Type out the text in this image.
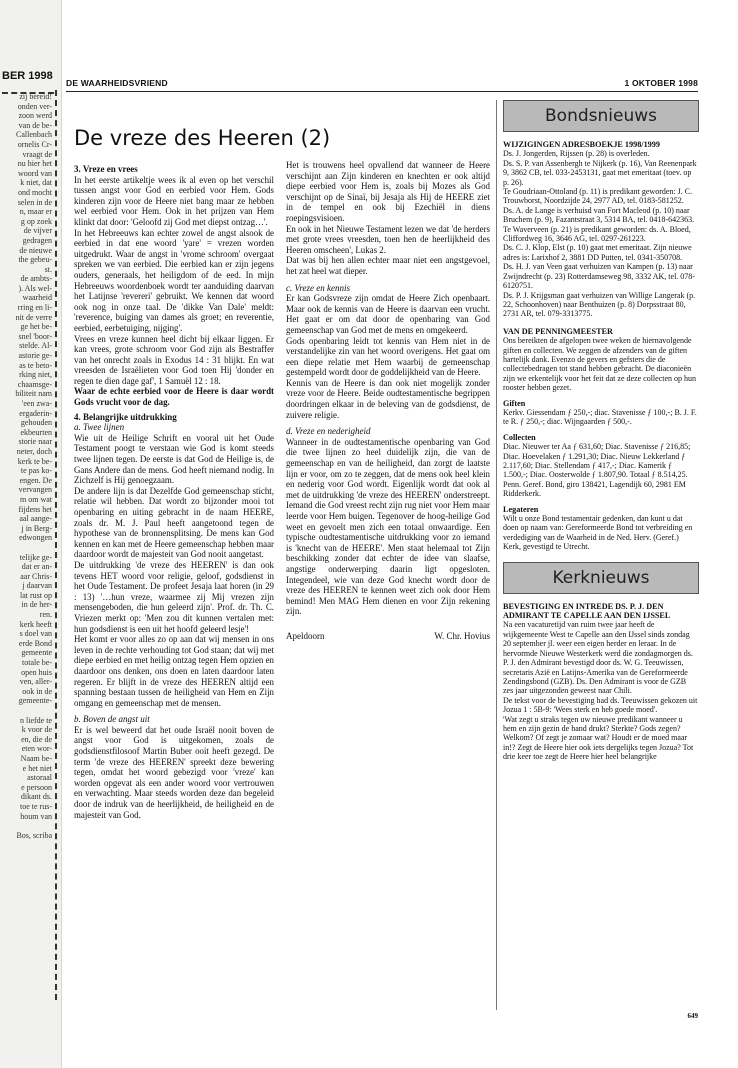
BER 1998
zij bereid!
onden ver-
zoon werd
van de be-
Callenbach
ornelis Cr-
vraagt de
nu hier het
woord van
k niet, dat
ond mocht
selen in de
n, maar er
g op zoek
de vijver
gedragen
de nieuwe
the gebeu-
st.
de ambts-
). Als wel-
waarheid
rring en li-
nit de verre
ge het be-
snel 'boor-
stelde. Al-
astorie ge-
as te beto-
rking niet,
chaamsge-
biliteit nam
'een zwa-
ergaderin-
gehouden
ekbeurten
storie naar
neter, doch
kerk te be-
te pas ko-
engen. De
vervangen
m om wat
fijdens het
aal aange-
j in Berg-
edwongen

telijke ge-
dat er an-
aar Chris-
j daarvan
lat rust op
in de her-
ren.
kerk heeft
s doel van
erde Bond
gemeente
totale be-
open huis
ven, aller-
ook in de
gemeente-

n liefde te
k voor de
en, die de
eten wor-
Naam be-
e het niet
astoraal
e persoon
dikant ds.
toe te rus-
houm van

Bos, scriba
DE WAARHEIDSVRIEND	1 OKTOBER 1998
De vreze des Heeren (2)
3. Vreze en vrees

In het eerste artikeltje wees ik al even op het verschil tussen angst voor God en eerbied voor Hem. Gods kinderen zijn voor de Heere niet bang maar ze hebben wel eerbied voor Hem. Ook in het prijzen van Hem klinkt dat door: 'Geloofd zij God met diepst ontzag…'.

In het Hebreeuws kan echter zowel de angst alsook de eerbied in dat ene woord 'yare' = vrezen worden uitgedrukt. Waar de angst in 'vrome schroom' overgaat spreken we van eerbied. Die eerbied kan er zijn jegens ouders, generaals, het heiligdom of de eed. In mijn Hebreeuws woordenboek wordt ter aanduiding daarvan het Latijnse 'revereri' gebruikt. We kennen dat woord ook nog in onze taal. De 'dikke Van Dale' meldt: 'reverence, buiging van dames als groet; en reverentie, eerbied, eerbetuiging, nijging'.

Vrees en vreze kunnen heel dicht bij elkaar liggen. Er kan vrees, grote schroom voor God zijn als Bestraffer van het onrecht zoals in Exodus 14 : 31 blijkt. En wat vreesden de Israëlieten voor God toen Hij 'donder en regen te dien dage gaf', 1 Samuël 12 : 18.

Waar de echte eerbied voor de Heere is daar wordt Gods vrucht voor de dag.

4. Belangrijke uitdrukking
a. Twee lijnen

Wie uit de Heilige Schrift en vooral uit het Oude Testament poogt te verstaan wie God is komt steeds twee lijnen tegen. De eerste is dat God de Heilige is, de Gans Andere dan de mens. God heeft niemand nodig. In Zichzelf is Hij genoegzaam.

De andere lijn is dat Dezelfde God gemeenschap sticht, relatie wil hebben. Dat wordt zo bijzonder mooi tot openbaring en uiting gebracht in de naam HEERE, zoals dr. M. J. Paul heeft aangetoond tegen de hypothese van de bronnensplitsing. De mens kan God kennen en kan met de Heere gemeenschap hebben maar daardoor wordt de majesteit van God nooit aangetast.

De uitdrukking 'de vreze des HEEREN' is dan ook tevens HET woord voor religie, geloof, godsdienst in het Oude Testament. De profeet Jesaja laat horen (in 29 : 13) '…hun vreze, waarmee zij Mij vrezen zijn mensengeboden, die hun geleerd zijn'. Prof. dr. Th. C. Vriezen merkt op: 'Men zou dit kunnen vertalen met: hun godsdienst is een uit het hoofd geleerd lesje'!

Het komt er voor alles zo op aan dat wij mensen in ons leven in de rechte verhouding tot God staan; dat wij met diepe eerbied en met heilig ontzag tegen Hem opzien en daardoor ons denken, ons doen en laten daardoor laten regeren. Er blijft in de vreze des HEEREN altijd een spanning bestaan tussen de heiligheid van Hem en Zijn omgang en gemeenschap met de mensen.

b. Boven de angst uit

Er is wel beweerd dat het oude Israël nooit boven de angst voor God is uitgekomen, zoals de godsdienstfilosoof Martin Buber ooit heeft gezegd. De term 'de vreze des HEEREN' spreekt deze bewering tegen, omdat het woord gebezigd voor 'vreze' kan worden opgevat als een ander woord voor vertrouwen en verwachting. Maar steeds worden deze dan begeleid door de indruk van de heerlijkheid, de heiligheid en de majesteit van God.

Het is trouwens heel opvallend dat wanneer de Heere verschijnt aan Zijn kinderen en knechten er ook altijd diepe eerbied voor Hem is, zoals bij Mozes als God verschijnt op de Sinaï, bij Jesaja als Hij de HEERE ziet in de tempel en ook bij Ezechiël in diens roepingsvisioen.

En ook in het Nieuwe Testament lezen we dat 'de herders met grote vrees vreesden, toen hen de heerlijkheid des Heeren omscheen', Lukas 2.

Dat was bij hen allen echter maar niet een angstgevoel, het zat heel wat dieper.

c. Vreze en kennis

Er kan Godsvreze zijn omdat de Heere Zich openbaart. Maar ook de kennis van de Heere is daarvan een vrucht. Het gaat er om dat door de openbaring van God gemeenschap van God met de mens en omgekeerd.

Gods openbaring leidt tot kennis van Hem niet in de verstandelijke zin van het woord overigens. Het gaat om een diepe relatie met Hem waarbij de gemeenschap gestempeld wordt door de goddelijkheid van de Heere.

Kennis van de Heere is dan ook niet mogelijk zonder vreze voor de Heere. Beide oudtestamentische begrippen doordringen elkaar in de beleving van de godsdienst, de zuivere religie.

d. Vreze en nederigheid

Wanneer in de oudtestamentische openbaring van God die twee lijnen zo heel duidelijk zijn, die van de gemeenschap en van de heiligheid, dan zorgt de laatste lijn er voor, om zo te zeggen, dat de mens ook heel klein en nederig voor God wordt. Eigenlijk wordt dat ook al met de uitdrukking 'de vreze des HEEREN' onderstreept. Iemand die God vreest recht zijn rug niet voor Hem maar leerde voor Hem buigen. Tegenover de hoog-heilige God weet en gevoelt men zich een totaal onwaardige. Een typische oudtestamentische uitdrukking voor zo iemand is 'knecht van de HEERE'. Men staat helemaal tot Zijn beschikking zonder dat echter de idee van slaafse, angstige onderwerping daarin ligt opgesloten. Integendeel, wie van deze God knecht wordt door de vreze des HEEREN te kennen weet zich ook door Hem bemind! Men MAG Hem dienen en voor Zijn rekening zijn.

Apeldoorn	W. Chr. Hovius
Bondsnieuws
WIJZIGINGEN ADRESBOEKJE 1998/1999

Ds. J. Jongerden, Rijssen (p. 28) is overleden.
Ds. S. P. van Assenbergh te Nijkerk (p. 16), Van Reenenpark 9, 3862 CB, tel. 033-2453131, gaat met emeritaat (toev. op p. 26).
Te Goudriaan-Ottoland (p. 11) is predikant geworden: J. C. Trouwborst, Noordzijde 24, 2977 AD, tel. 0183-581252.
Ds. A. de Lange is verhuisd van Fort Macleod (p. 10) naar Bruchem (p. 9), Fazantstraat 3, 5314 BA, tel. 0418-642363.
Te Waverveen (p. 21) is predikant geworden: ds. A. Bloed, Cliffordweg 16, 3646 AG, tel. 0297-261223.
Ds. C. J. Klop, Elst (p. 10) gaat met emeritaat. Zijn nieuwe adres is: Larixhof 2, 3881 DD Putten, tel. 0341-350708.
Ds. H. J. van Veen gaat verhuizen van Kampen (p. 13) naar Zwijndrecht (p. 23) Rotterdamseweg 98, 3332 AK, tel. 078-6120751.
Ds. P. J. Krijgsman gaat verhuizen van Willige Langerak (p. 22, Schoonhoven) naar Benthuizen (p. 8) Dorpsstraat 80, 2731 AR, tel. 079-3313775.

VAN DE PENNINGMEESTER

Ons bereikten de afgelopen twee weken de hiernavolgende giften en collecten. We zeggen de afzenders van de giften hartelijk dank. Evenzo de gevers en gefsters die de collectebedragen tot stand hebben gebracht. De diaconieën zijn we erkentelijk voor het feit dat ze deze collecten op hun rooster hebben gezet.

Giften

Kerkv. Giessendam ƒ 250,-; diac. Stavenisse ƒ 100,-; B. J. F. te R. ƒ 250,-; diac. Wijngaarden ƒ 500,-.

Collecten

Diac. Nieuwer ter Aa ƒ 631,60; Diac. Stavenisse ƒ 216,85; Diac. Hoevelaken ƒ 1.291,30; Diac. Nieuw Lekkerland ƒ 2.117,60; Diac. Stellendam ƒ 417,-; Diac. Kamerik ƒ 1.500,-; Diac. Oosterwolde ƒ 1.807,90. Totaal ƒ 8.514,25.
Penn. Geref. Bond, giro 138421, Lagendijk 60, 2981 EM Ridderkerk.

Legateren

Wilt u onze Bond testamentair gedenken, dan kunt u dat doen op naam van: Gereformeerde Bond tot verbreiding en verdediging van de Waarheid in de Ned. Herv. (Geref.) Kerk, gevestigd te Utrecht.

Kerknieuws
BEVESTIGING EN INTREDE DS. P. J. DEN ADMIRANT TE CAPELLE AAN DEN IJSSEL

Na een vacaturetijd van ruim twee jaar heeft de wijkgemeente West te Capelle aan den IJssel sinds zondag 20 september jl. weer een eigen herder en leraar. In de hervormde Nieuwe Westerkerk werd die zondagmorgen ds. P. J. den Admirant bevestigd door ds. W. G. Teeuwissen, secretaris Azië en Latijns-Amerika van de Gereformeerde Zendingsbond (GZB). Ds. Den Admirant is voor de GZB zes jaar uitgezonden geweest naar Chili.

De tekst voor de bevestiging had ds. Teeuwissen gekozen uit Jozua 1 : 5B-9: 'Wees sterk en heb goede moed'.

'Wat zegt u straks tegen uw nieuwe predikant wanneer u hem en zijn gezin de hand drukt? Sterkte? Gods zegen? Welkom? Of zegt je zomaar wat? Houdt er de moed maar in!? Zegt de Heere hier ook iets dergelijks tegen Jozua? Tot drie keer toe zegt de Heere hier heel belangrijke

649
